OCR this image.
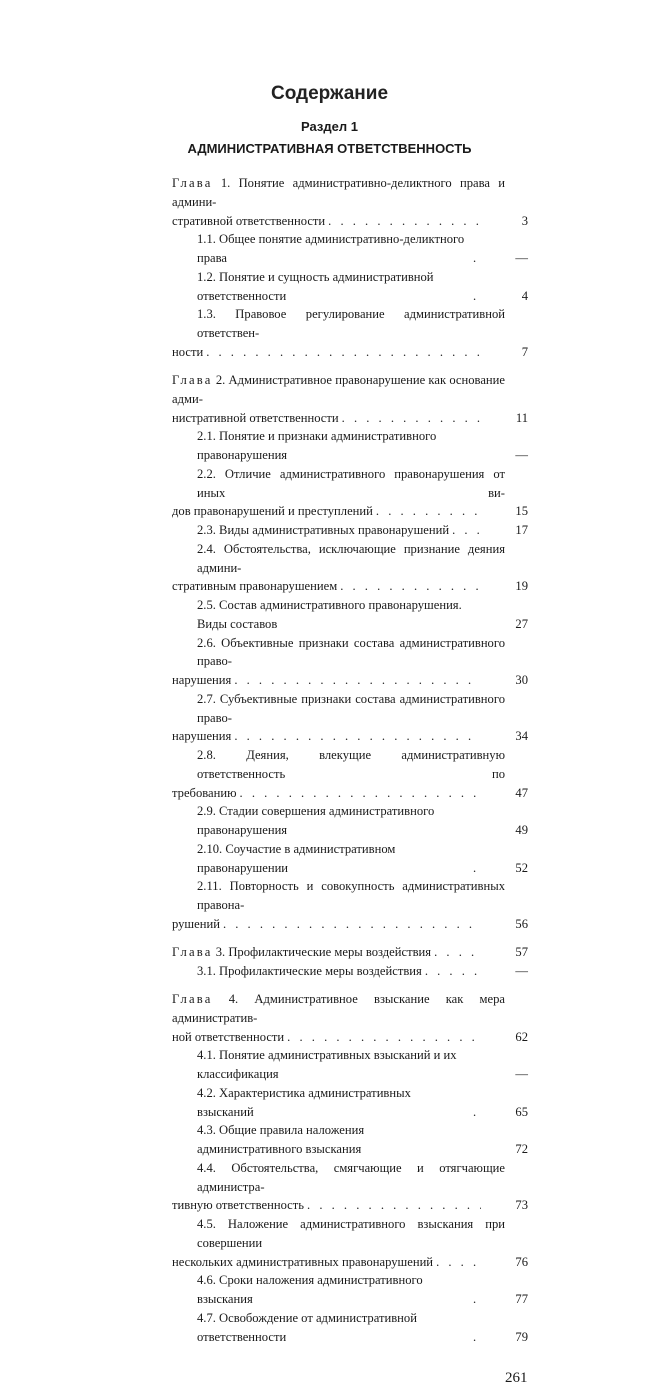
Содержание
Раздел 1
АДМИНИСТРАТИВНАЯ ОТВЕТСТВЕННОСТЬ
Глава 1. Понятие административно-деликтного права и админи-
стративной ответственности . . .	3
1.1. Общее понятие административно-деликтного права . . .	—
1.2. Понятие и сущность административной ответственности . . .	4
1.3. Правовое регулирование административной ответствен-
ности . . .	7
Глава 2. Административное правонарушение как основание адми-
нистративной ответственности . . .	11
2.1. Понятие и признаки административного правонарушения	—
2.2. Отличие административного правонарушения от иных ви-
дов правонарушений и преступлений . . .	15
2.3. Виды административных правонарушений . . .	17
2.4. Обстоятельства, исключающие признание деяния админи-
стративным правонарушением . . .	19
2.5. Состав административного правонарушения. Виды составов	27
2.6. Объективные признаки состава административного право-
нарушения . . .	30
2.7. Субъективные признаки состава административного право-
нарушения . . .	34
2.8. Деяния, влекущие административную ответственность по
требованию . . .	47
2.9. Стадии совершения административного правонарушения	49
2.10. Соучастие в административном правонарушении . . .	52
2.11. Повторность и совокупность административных правона-
рушений . . .	56
Глава 3. Профилактические меры воздействия . . .	57
3.1. Профилактические меры воздействия . . .	—
Глава 4. Административное взыскание как мера административ-
ной ответственности . . .	62
4.1. Понятие административных взысканий и их классификация	—
4.2. Характеристика административных взысканий . . .	65
4.3. Общие правила наложения административного взыскания	72
4.4. Обстоятельства, смягчающие и отягчающие администра-
тивную ответственность . . .	73
4.5. Наложение административного взыскания при совершении
нескольких административных правонарушений . . .	76
4.6. Сроки наложения административного взыскания . . .	77
4.7. Освобождение от административной ответственности . . .	79
261
